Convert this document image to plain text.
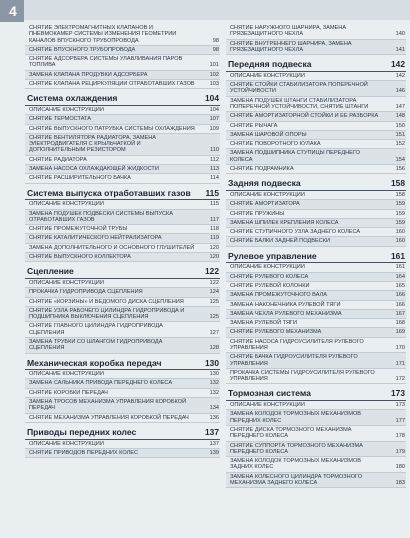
4
СНЯТИЕ ЭЛЕКТРОМАГНИТНЫХ КЛАПАНОВ И ПНЕВМОКАМЕР СИСТЕМЫ ИЗМЕНЕНИЯ ГЕОМЕТРИИ КАНАЛОВ ВПУСКНОГО ТРУБОПРОВОДА	98
СНЯТИЕ ВПУСКНОГО ТРУБОПРОВОДА	98
СНЯТИЕ АДСОРБЕРА СИСТЕМЫ УЛАВЛИВАНИЯ ПАРОВ ТОПЛИВА	101
ЗАМЕНА КЛАПАНА ПРОДУВКИ АДСОРБЕРА	102
СНЯТИЕ КЛАПАНА РЕЦИРКУЛЯЦИИ ОТРАБОТАВШИХ ГАЗОВ	103
Система охлаждения	104
ОПИСАНИЕ КОНСТРУКЦИИ	104
СНЯТИЕ ТЕРМОСТАТА	107
СНЯТИЕ ВЫПУСКНОГО ПАТРУБКА СИСТЕМЫ ОХЛАЖДЕНИЯ	109
СНЯТИЕ ВЕНТИЛЯТОРА РАДИАТОРА, ЗАМЕНА ЭЛЕКТРОДВИГАТЕЛЯ С КРЫЛЬЧАТКОЙ И ДОПОЛНИТЕЛЬНЫМ РЕЗИСТОРОМ	110
СНЯТИЕ РАДИАТОРА	112
ЗАМЕНА НАСОСА ОХЛАЖДАЮЩЕЙ ЖИДКОСТИ	113
СНЯТИЕ РАСШИРИТЕЛЬНОГО БАЧКА	114
Система выпуска отработавших газов 115
ОПИСАНИЕ КОНСТРУКЦИИ	115
ЗАМЕНА ПОДУШЕК ПОДВЕСКИ СИСТЕМЫ ВЫПУСКА ОТРАБОТАВШИХ ГАЗОВ	117
СНЯТИЕ ПРОМЕЖУТОЧНОЙ ТРУБЫ	118
СНЯТИЕ КАТАЛИТИЧЕСКОГО НЕЙТРАЛИЗАТОРА	119
ЗАМЕНА ДОПОЛНИТЕЛЬНОГО И ОСНОВНОГО ГЛУШИТЕЛЕЙ	120
СНЯТИЕ ВЫПУСКНОГО КОЛЛЕКТОРА	120
Сцепление	122
ОПИСАНИЕ КОНСТРУКЦИИ	122
ПРОКАЧКА ГИДРОПРИВОДА СЦЕПЛЕНИЯ	124
СНЯТИЕ «КОРЗИНЫ» И ВЕДОМОГО ДИСКА СЦЕПЛЕНИЯ	125
СНЯТИЕ УЗЛА РАБОЧЕГО ЦИЛИНДРА ГИДРОПРИВОДА И ПОДШИПНИКА ВЫКЛЮЧЕНИЯ СЦЕПЛЕНИЯ	125
СНЯТИЕ ГЛАВНОГО ЦИЛИНДРА ГИДРОПРИВОДА СЦЕПЛЕНИЯ	127
ЗАМЕНА ТРУБКИ СО ШЛАНГОМ ГИДРОПРИВОДА СЦЕПЛЕНИЯ	128
Механическая коробка передач	130
ОПИСАНИЕ КОНСТРУКЦИИ	130
ЗАМЕНА САЛЬНИКА ПРИВОДА ПЕРЕДНЕГО КОЛЕСА	132
СНЯТИЕ КОРОБКИ ПЕРЕДАЧ	132
ЗАМЕНА ТРОСОВ МЕХАНИЗМА УПРАВЛЕНИЯ КОРОБКОЙ ПЕРЕДАЧ	134
СНЯТИЕ МЕХАНИЗМА УПРАВЛЕНИЯ КОРОБКОЙ ПЕРЕДАЧ	136
Приводы передних колес	137
ОПИСАНИЕ КОНСТРУКЦИИ	137
СНЯТИЕ ПРИВОДОВ ПЕРЕДНИХ КОЛЕС	139
СНЯТИЕ НАРУЖНОГО ШАРНИРА, ЗАМЕНА ГРЯЗЕЗАЩИТНОГО ЧЕХЛА	140
СНЯТИЕ ВНУТРЕННЕГО ШАРНИРА, ЗАМЕНА ГРЯЗЕЗАЩИТНОГО ЧЕХЛА	141
Передняя подвеска	142
ОПИСАНИЕ КОНСТРУКЦИИ	142
СНЯТИЕ СТОЙКИ СТАБИЛИЗАТОРА ПОПЕРЕЧНОЙ УСТОЙЧИВОСТИ	146
ЗАМЕНА ПОДУШЕК ШТАНГИ СТАБИЛИЗАТОРА ПОПЕРЕЧНОЙ УСТОЙЧИВОСТИ, СНЯТИЕ ШТАНГИ	147
СНЯТИЕ АМОРТИЗАТОРНОЙ СТОЙКИ И ЕЕ РАЗБОРКА	148
СНЯТИЕ РЫЧАГА	150
ЗАМЕНА ШАРОВОЙ ОПОРЫ	151
СНЯТИЕ ПОВОРОТНОГО КУЛАКА	152
ЗАМЕНА ПОДШИПНИКА СТУПИЦЫ ПЕРЕДНЕГО КОЛЕСА	154
СНЯТИЕ ПОДРАМНИКА	156
Задняя подвеска	158
ОПИСАНИЕ КОНСТРУКЦИИ	158
СНЯТИЕ АМОРТИЗАТОРА	159
СНЯТИЕ ПРУЖИНЫ	159
ЗАМЕНА ШПИЛЕК КРЕПЛЕНИЯ КОЛЕСА	159
СНЯТИЕ СТУПИЧНОГО УЗЛА ЗАДНЕГО КОЛЕСА	160
СНЯТИЕ БАЛКИ ЗАДНЕЙ ПОДВЕСКИ	160
Рулевое управление	161
ОПИСАНИЕ КОНСТРУКЦИИ	161
СНЯТИЕ РУЛЕВОГО КОЛЕСА	164
СНЯТИЕ РУЛЕВОЙ КОЛОНКИ	165
ЗАМЕНА ПРОМЕЖУТОЧНОГО ВАЛА	166
ЗАМЕНА НАКОНЕЧНИКА РУЛЕВОЙ ТЯГИ	166
ЗАМЕНА ЧЕХЛА РУЛЕВОГО МЕХАНИЗМА	167
ЗАМЕНА РУЛЕВОЙ ТЯГИ	168
СНЯТИЕ РУЛЕВОГО МЕХАНИЗМА	169
СНЯТИЕ НАСОСА ГИДРОУСИЛИТЕЛЯ РУЛЕВОГО УПРАВЛЕНИЯ	170
СНЯТИЕ БАЧКА ГИДРОУСИЛИТЕЛЯ РУЛЕВОГО УПРАВЛЕНИЯ	171
ПРОКАЧКА СИСТЕМЫ ГИДРОУСИЛИТЕЛЯ РУЛЕВОГО УПРАВЛЕНИЯ	172
Тормозная система	173
ОПИСАНИЕ КОНСТРУКЦИИ	173
ЗАМЕНА КОЛОДОК ТОРМОЗНЫХ МЕХАНИЗМОВ ПЕРЕДНИХ КОЛЕС	177
СНЯТИЕ ДИСКА ТОРМОЗНОГО МЕХАНИЗМА ПЕРЕДНЕГО КОЛЕСА	178
СНЯТИЕ СУППОРТА ТОРМОЗНОГО МЕХАНИЗМА ПЕРЕДНЕГО КОЛЕСА	179
ЗАМЕНА КОЛОДОК ТОРМОЗНЫХ МЕХАНИЗМОВ ЗАДНИХ КОЛЕС	180
ЗАМЕНА КОЛЕСНОГО ЦИЛИНДРА ТОРМОЗНОГО МЕХАНИЗМА ЗАДНЕГО КОЛЕСА	183
